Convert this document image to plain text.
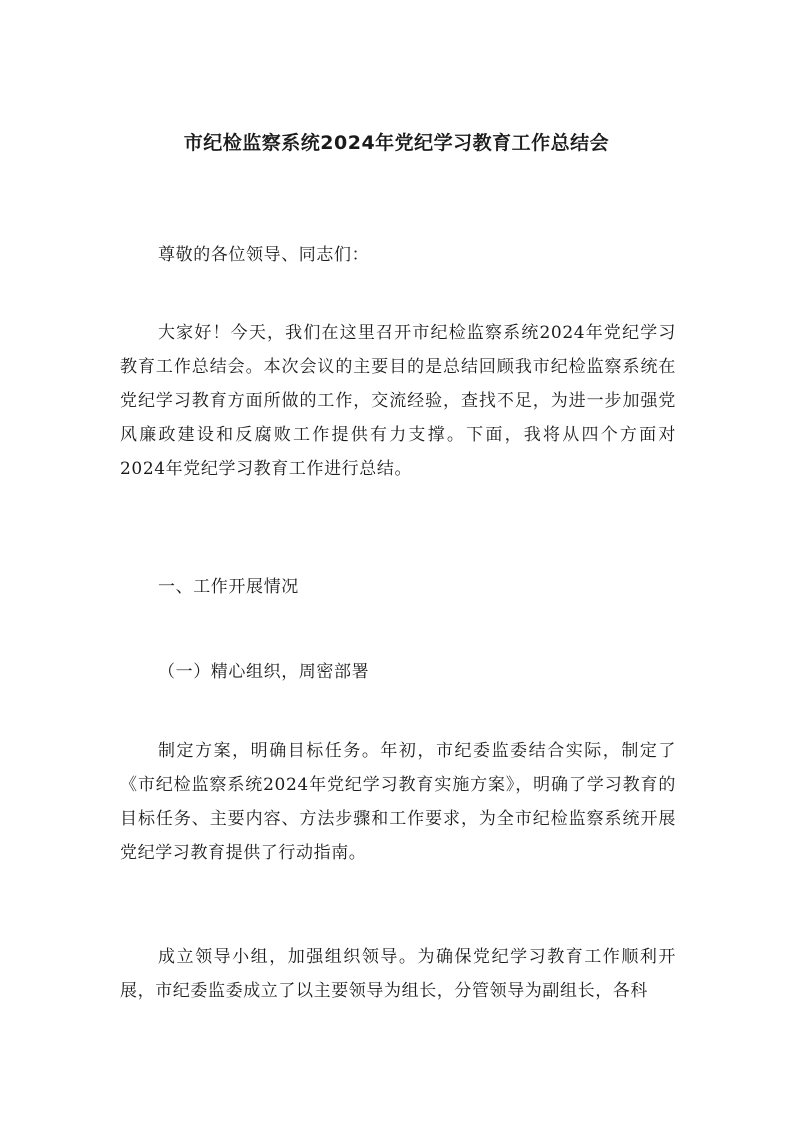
市纪检监察系统2024年党纪学习教育工作总结会

尊敬的各位领导、同志们：

大家好！今天，我们在这里召开市纪检监察系统2024年党纪学习教育工作总结会。本次会议的主要目的是总结回顾我市纪检监察系统在党纪学习教育方面所做的工作，交流经验，查找不足，为进一步加强党风廉政建设和反腐败工作提供有力支撑。下面，我将从四个方面对2024年党纪学习教育工作进行总结。

一、工作开展情况

（一）精心组织，周密部署

制定方案，明确目标任务。年初，市纪委监委结合实际，制定了《市纪检监察系统2024年党纪学习教育实施方案》，明确了学习教育的目标任务、主要内容、方法步骤和工作要求，为全市纪检监察系统开展党纪学习教育提供了行动指南。

成立领导小组，加强组织领导。为确保党纪学习教育工作顺利开展，市纪委监委成立了以主要领导为组长，分管领导为副组长，各科
